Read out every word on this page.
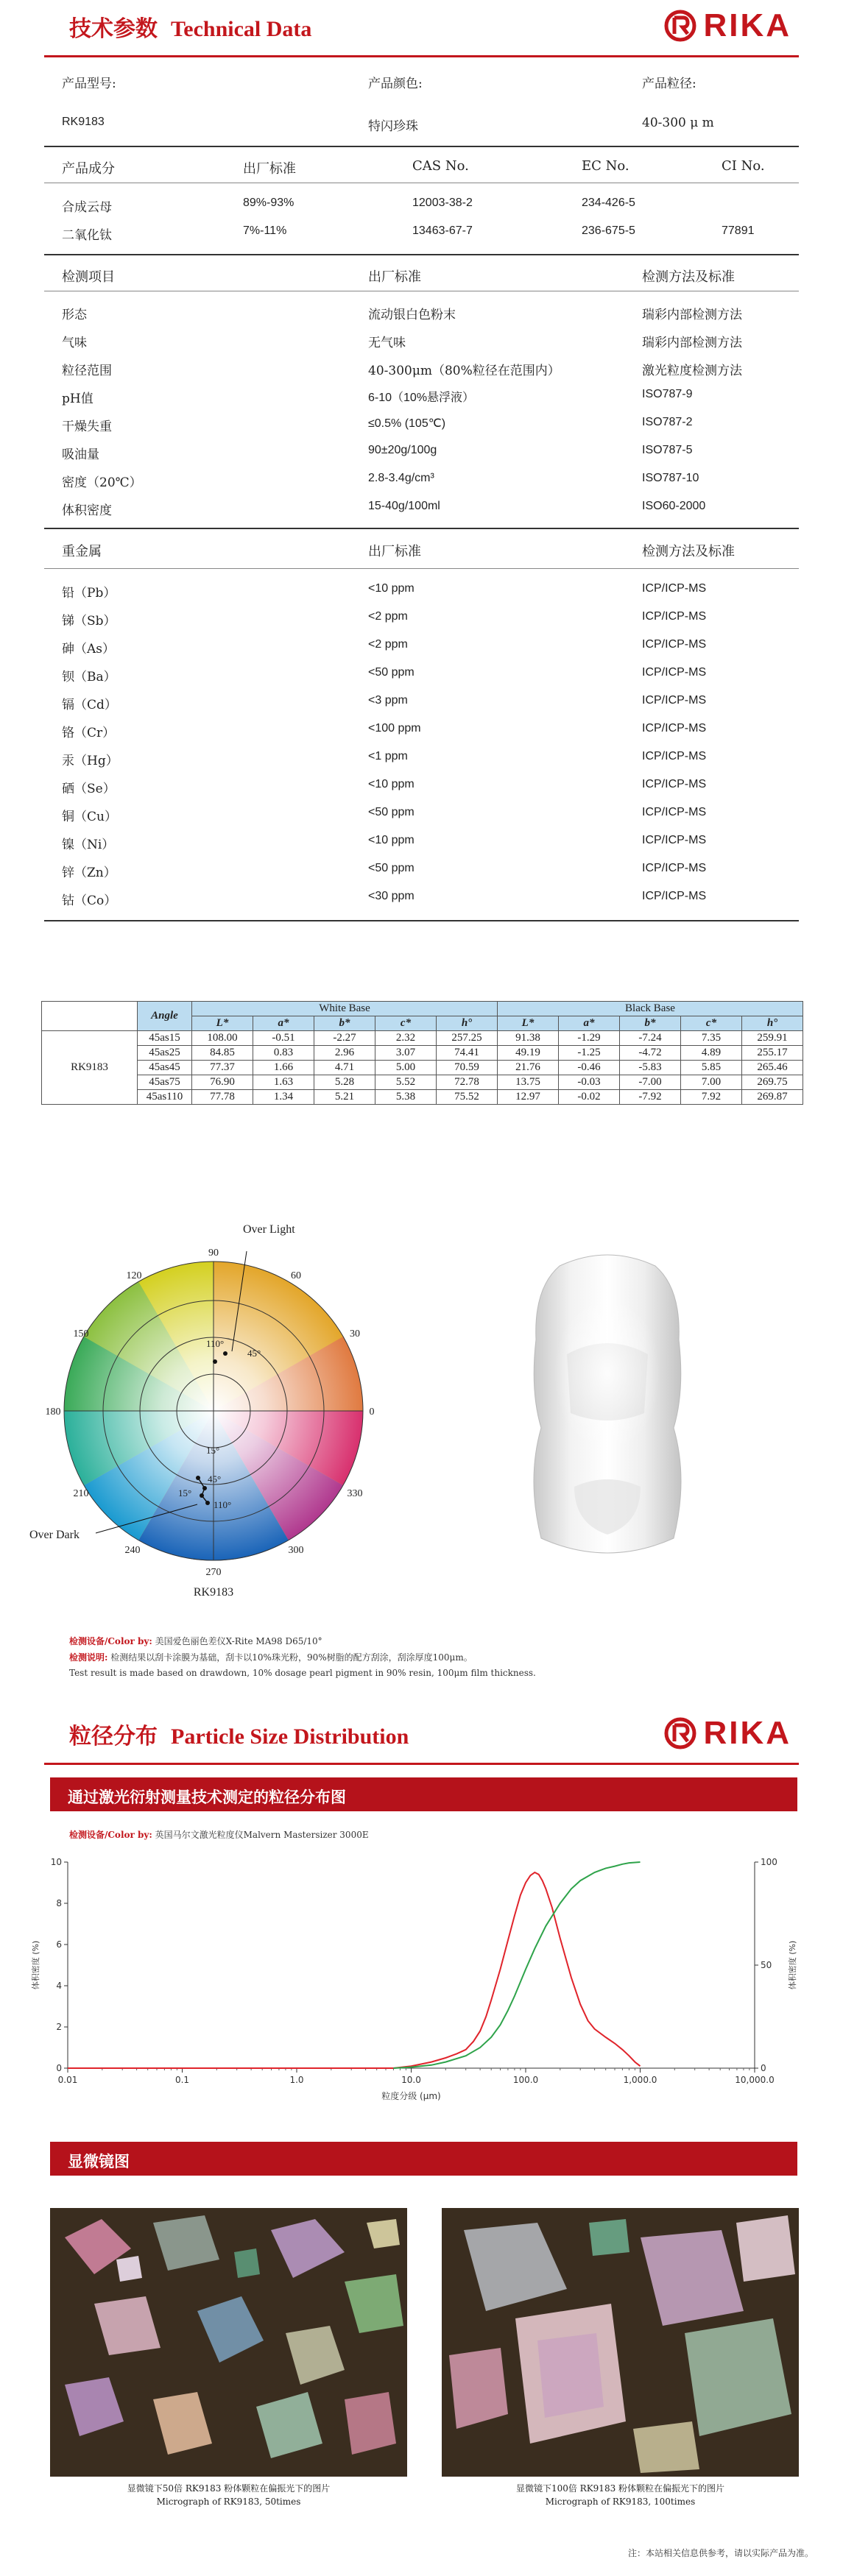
技术参数 Technical Data	RIKA
产品型号:	产品颜色:	产品粒径:
RK9183	特闪珍珠	40-300 μ m
产品成分	出厂标准	CAS No.	EC No.	CI No.
合成云母	89%-93%	12003-38-2	234-426-5
二氧化钛	7%-11%	13463-67-7	236-675-5	77891
检测项目	出厂标准	检测方法及标准
形态	流动银白色粉末	瑞彩内部检测方法
气味	无气味	瑞彩内部检测方法
粒径范围	40-300μm（80%粒径在范围内）	激光粒度检测方法
pH值	6-10（10%悬浮液）	ISO787-9
干燥失重	≤0.5% (105℃)	ISO787-2
吸油量	90±20g/100g	ISO787-5
密度（20℃）	2.8-3.4g/cm³	ISO787-10
体积密度	15-40g/100ml	ISO60-2000
重金属	出厂标准	检测方法及标准
铅（Pb）	<10 ppm	ICP/ICP-MS
锑（Sb）	<2 ppm	ICP/ICP-MS
砷（As）	<2 ppm	ICP/ICP-MS
钡（Ba）	<50 ppm	ICP/ICP-MS
镉（Cd）	<3 ppm	ICP/ICP-MS
铬（Cr）	<100 ppm	ICP/ICP-MS
汞（Hg）	<1 ppm	ICP/ICP-MS
硒（Se）	<10 ppm	ICP/ICP-MS
铜（Cu）	<50 ppm	ICP/ICP-MS
镍（Ni）	<10 ppm	ICP/ICP-MS
锌（Zn）	<50 ppm	ICP/ICP-MS
钴（Co）	<30 ppm	ICP/ICP-MS
	Angle	White Base					Black Base				
		L*	a*	b*	c*	h°	L*	a*	b*	c*	h°
RK9183	45as15	108.00	-0.51	-2.27	2.32	257.25	91.38	-1.29	-7.24	7.35	259.91
	45as25	84.85	0.83	2.96	3.07	74.41	49.19	-1.25	-4.72	4.89	255.17
	45as45	77.37	1.66	4.71	5.00	70.59	21.76	-0.46	-5.83	5.85	265.46
	45as75	76.90	1.63	5.28	5.52	72.78	13.75	-0.03	-7.00	7.00	269.75
	45as110	77.78	1.34	5.21	5.38	75.52	12.97	-0.02	-7.92	7.92	269.87
90
60
30
0
330
300
270
240
210
180
150
120
110°
45°
15°
45°
15°
110°
Over Light
Over Dark
RK9183
检测设备/Color by: 美国爱色丽色差仪X-Rite MA98 D65/10°
检测说明: 检测结果以刮卡涂膜为基础，刮卡以10%珠光粉，90%树脂的配方刮涂，刮涂厚度100μm。
Test result is made based on drawdown, 10% dosage pearl pigment in 90% resin, 100μm film thickness.
粒径分布 Particle Size Distribution	RIKA
通过激光衍射测量技术测定的粒径分布图
检测设备/Color by: 英国马尔文激光粒度仪Malvern Mastersizer 3000E
0.01	0.1	1.0	10.0	100.0	1,000.0	10,000.0
0
2
4
6
8
10
0
50
100
粒度分级 (μm)
体积密度 (%)	体积密度 (%)
显微镜图
显微镜下50倍 RK9183 粉体颗粒在偏振光下的图片
Micrograph of RK9183, 50times
显微镜下100倍 RK9183 粉体颗粒在偏振光下的图片
Micrograph of RK9183, 100times
注：本站相关信息供参考，请以实际产品为准。
